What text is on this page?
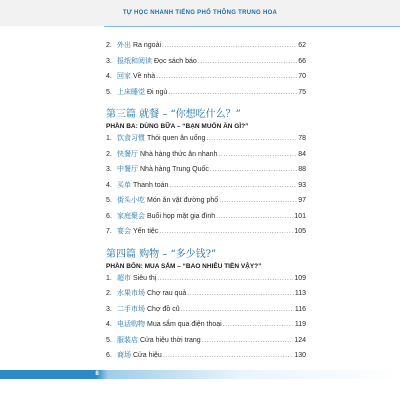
TỰ HỌC NHANH TIẾNG PHỔ THÔNG TRUNG HOA
2. 外出 Ra ngoài .....	62
3. 报纸和阅读 Đọc sách báo .....	66
4. 回家 Về nhà .....	70
5. 上床睡觉 Đi ngủ .....	75
第三篇 就餐 – “你想吃什么？”
PHẦN BA: DÙNG BỮA – “BẠN MUỐN ĂN GÌ?”
1. 饮食习惯 Thói quen ăn uống .....	78
2. 快餐厅 Nhà hàng thức ăn nhanh .....	84
3. 中餐厅 Nhà hàng Trung Quốc .....	88
4. 买单 Thanh toán .....	93
5. 街头小吃 Món ăn vặt đường phố .....	97
6. 家庭聚会 Buổi họp mặt gia đình .....	101
7. 宴会 Yến tiệc .....	105
第四篇 购物 – “多少钱?”
PHẦN BỐN: MUA SẮM – “BAO NHIÊU TIỀN VẬY?”
1. 超市 Siêu thị .....	109
2. 水果市场 Chợ rau quả .....	113
3. 二手市场 Chợ đồ cũ .....	116
4. 电话购物 Mua sắm qua điện thoại .....	119
5. 服装店 Cửa hiệu thời trang .....	124
6. 商场 Cửa hiệu .....	130
8
